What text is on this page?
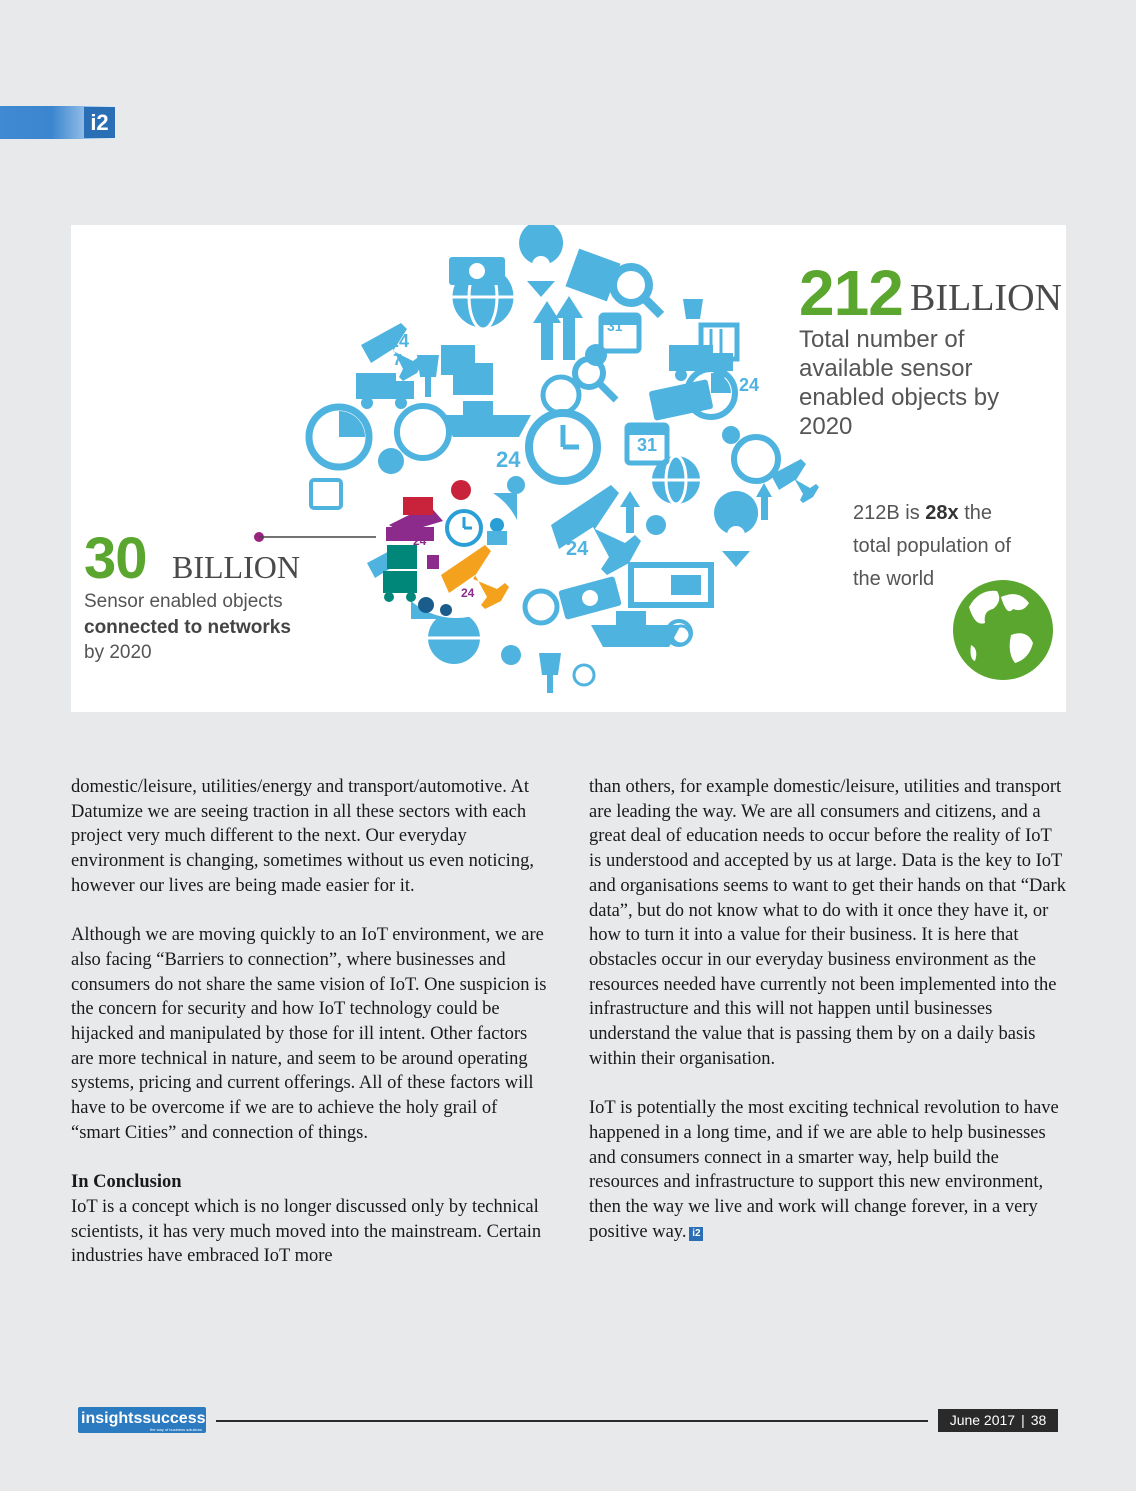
i2
24
7
24
24
24
31
31
24
24
24
24
212 BILLION
Total number of
available sensor
enabled objects by
2020
212B is 28x the
total population of
the world
30 BILLION
Sensor enabled objects
connected to networks
by 2020

domestic/leisure, utilities/energy and transport/automotive. At Datumize we are seeing traction in all these sectors with each project very much different to the next. Our everyday environment is changing, sometimes without us even noticing, however our lives are being made easier for it.

Although we are moving quickly to an IoT environment, we are also facing “Barriers to connection”, where businesses and consumers do not share the same vision of IoT. One suspicion is the concern for security and how IoT technology could be hijacked and manipulated by those for ill intent. Other factors are more technical in nature, and seem to be around operating systems, pricing and current offerings. All of these factors will have to be overcome if we are to achieve the holy grail of “smart Cities” and connection of things.

In Conclusion

IoT is a concept which is no longer discussed only by technical scientists, it has very much moved into the mainstream. Certain industries have embraced IoT more

than others, for example domestic/leisure, utilities and transport are leading the way. We are all consumers and citizens, and a great deal of education needs to occur before the reality of IoT is understood and accepted by us at large. Data is the key to IoT and organisations seems to want to get their hands on that “Dark data”, but do not know what to do with it once they have it, or how to turn it into a value for their business. It is here that obstacles occur in our everyday business environment as the resources needed have currently not been implemented into the infrastructure and this will not happen until businesses understand the value that is passing them by on a daily basis within their organisation.

IoT is potentially the most exciting technical revolution to have happened in a long time, and if we are able to help businesses and consumers connect in a smarter way, help build the resources and infrastructure to support this new environment, then the way we live and work will change forever, in a very positive way. i2

insightssuccess
the way of business solutions
June 2017 | 38
